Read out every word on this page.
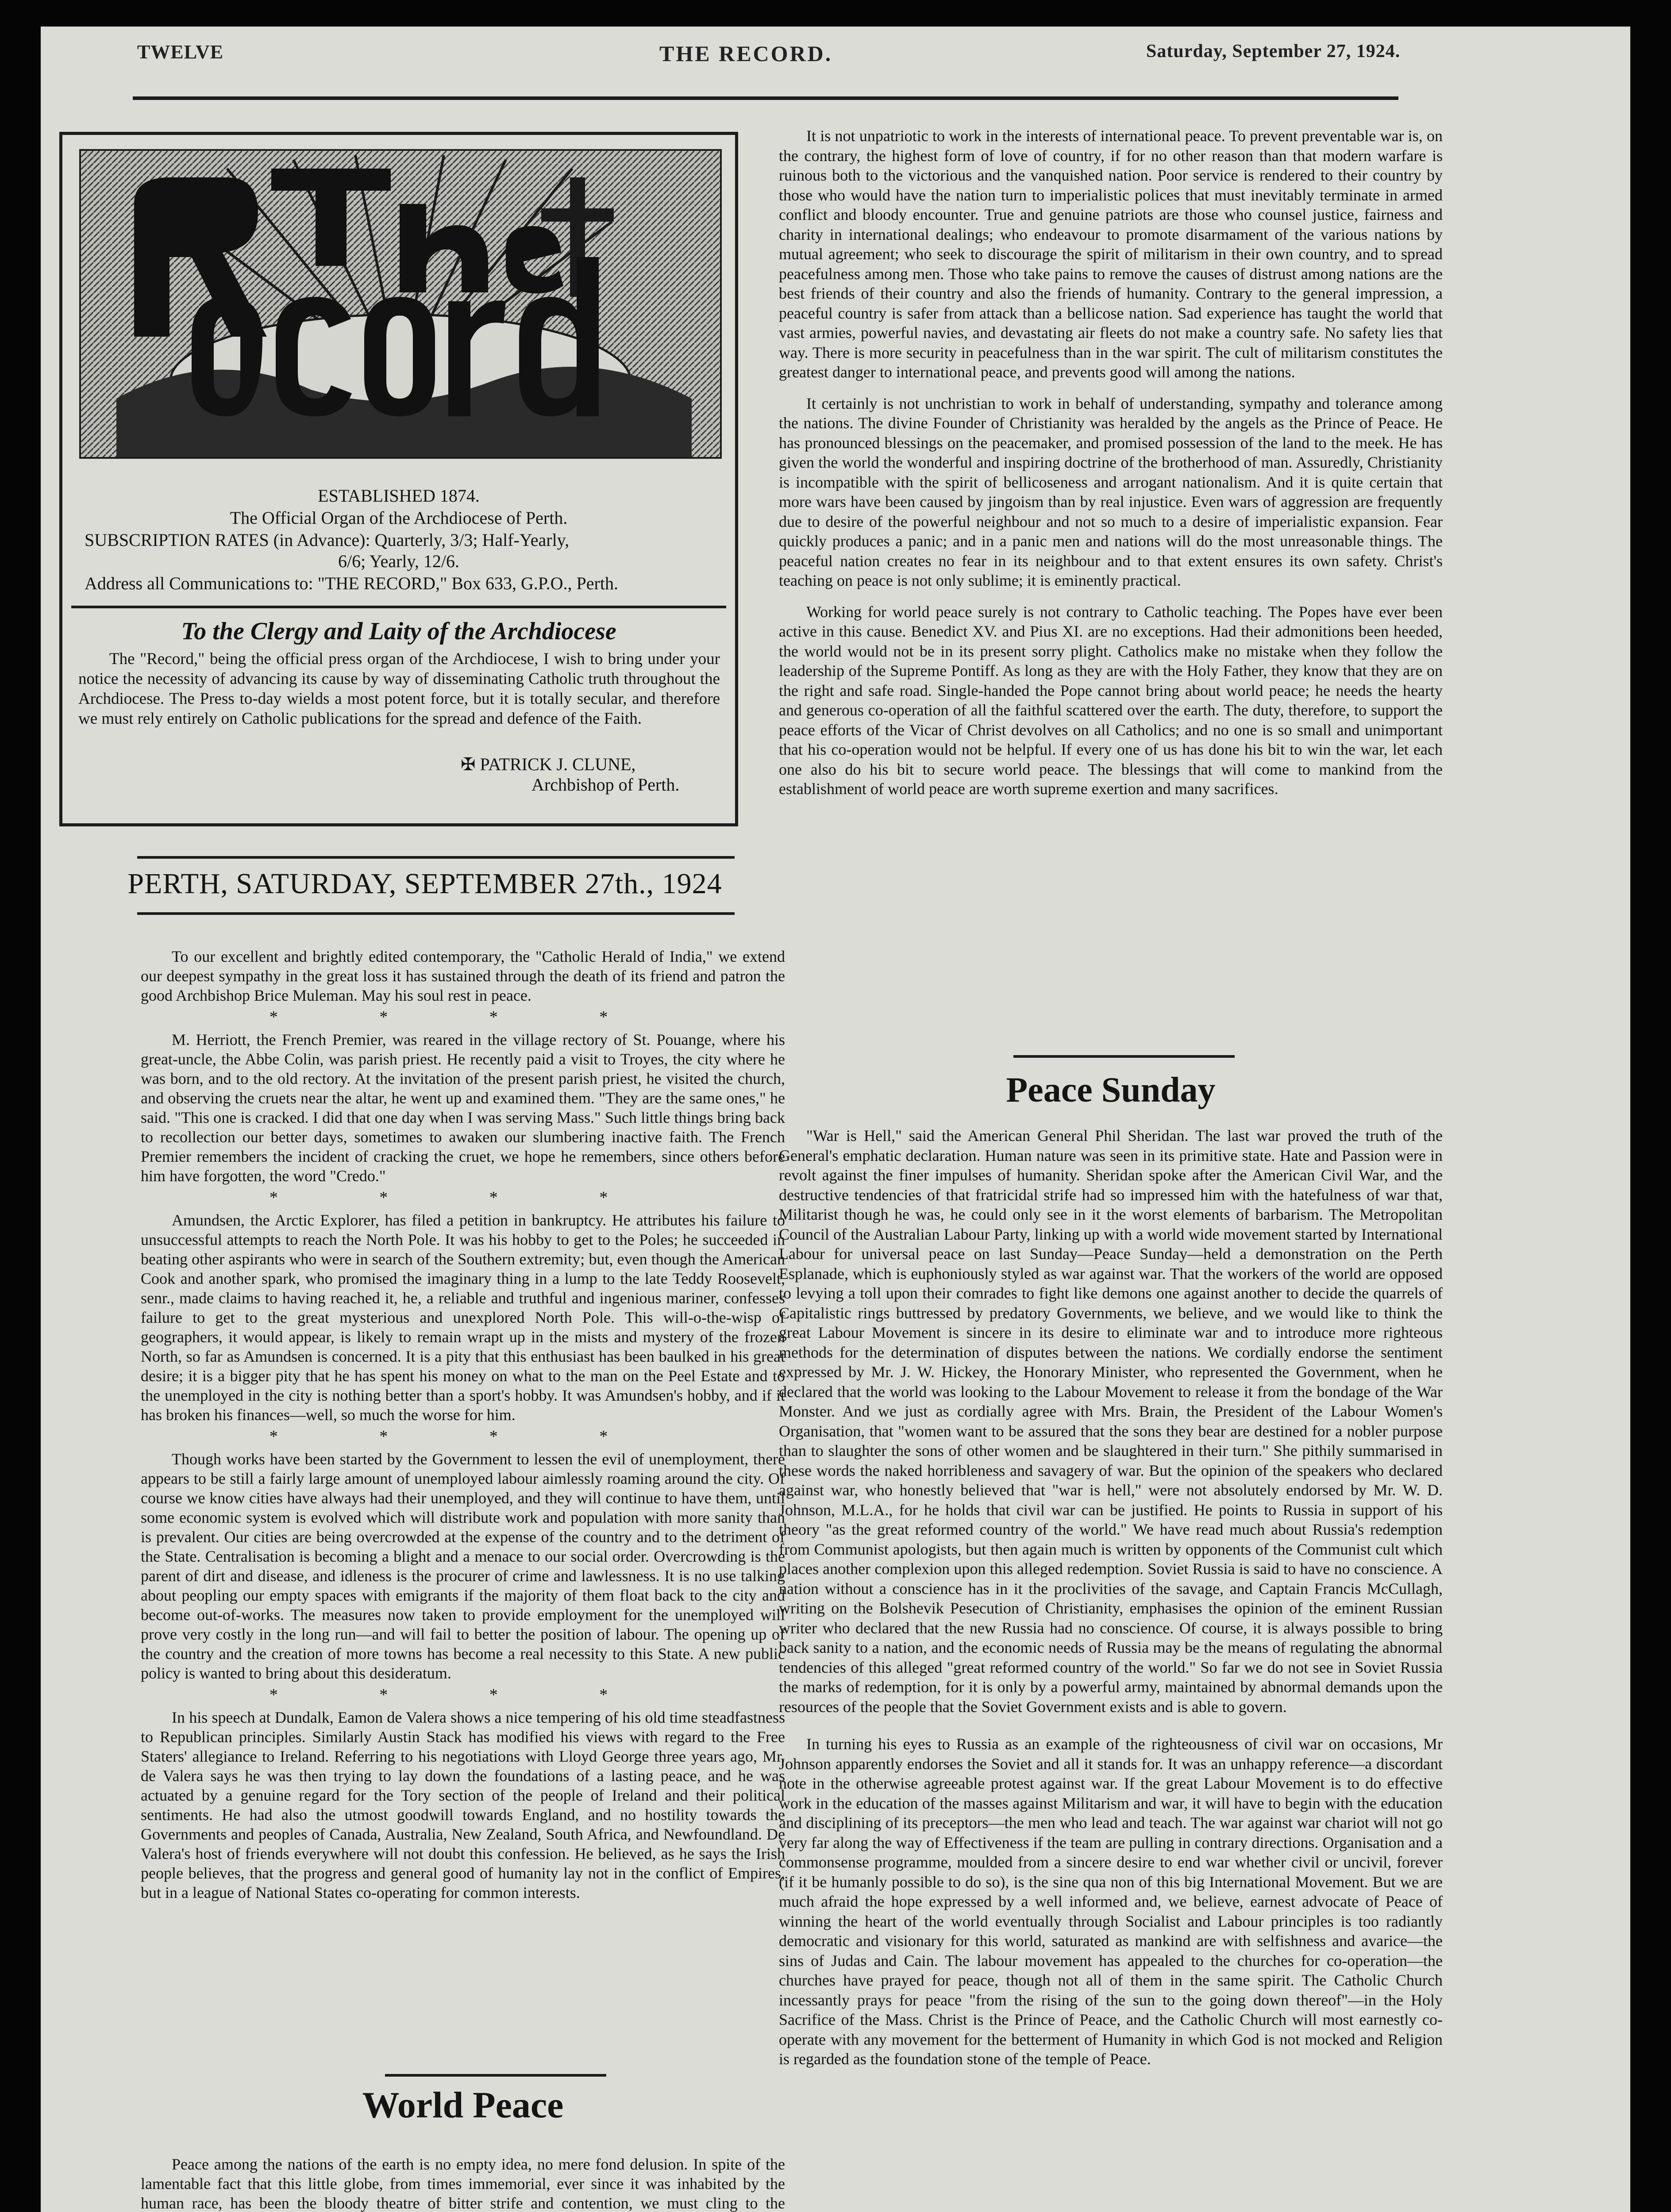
TWELVE	THE RECORD.	Saturday, September 27, 1924.
ESTABLISHED 1874.
The Official Organ of the Archdiocese of Perth.
SUBSCRIPTION RATES (in Advance): Quarterly, 3/3; Half-Yearly,
6/6; Yearly, 12/6.
Address all Communications to: "THE RECORD," Box 633, G.P.O., Perth.
To the Clergy and Laity of the Archdiocese

The "Record," being the official press organ of the Archdiocese, I wish to bring under your notice the necessity of advancing its cause by way of disseminating Catholic truth throughout the Archdiocese. The Press to-day wields a most potent force, but it is totally secular, and therefore we must rely entirely on Catholic publications for the spread and defence of the Faith.

✠ PATRICK J. CLUNE,
Archbishop of Perth.
PERTH, SATURDAY, SEPTEMBER 27th., 1924

To our excellent and brightly edited contemporary, the "Catholic Herald of India," we extend our deepest sympathy in the great loss it has sustained through the death of its friend and patron the good Archbishop Brice Muleman. May his soul rest in peace.

* * * *

M. Herriott, the French Premier, was reared in the village rectory of St. Pouange, where his great-uncle, the Abbe Colin, was parish priest. He recently paid a visit to Troyes, the city where he was born, and to the old rectory. At the invitation of the present parish priest, he visited the church, and observing the cruets near the altar, he went up and examined them. "They are the same ones," he said. "This one is cracked. I did that one day when I was serving Mass." Such little things bring back to recollection our better days, sometimes to awaken our slumbering inactive faith. The French Premier remembers the incident of cracking the cruet, we hope he remembers, since others before him have forgotten, the word "Credo."

* * * *

Amundsen, the Arctic Explorer, has filed a petition in bankruptcy. He attributes his failure to unsuccessful attempts to reach the North Pole. It was his hobby to get to the Poles; he succeeded in beating other aspirants who were in search of the Southern extremity; but, even though the American Cook and another spark, who promised the imaginary thing in a lump to the late Teddy Roosevelt, senr., made claims to having reached it, he, a reliable and truthful and ingenious mariner, confesses failure to get to the great mysterious and unexplored North Pole. This will-o-the-wisp of geographers, it would appear, is likely to remain wrapt up in the mists and mystery of the frozen North, so far as Amundsen is concerned. It is a pity that this enthusiast has been baulked in his great desire; it is a bigger pity that he has spent his money on what to the man on the Peel Estate and to the unemployed in the city is nothing better than a sport's hobby. It was Amundsen's hobby, and if it has broken his finances—well, so much the worse for him.

* * * *

Though works have been started by the Government to lessen the evil of unemployment, there appears to be still a fairly large amount of unemployed labour aimlessly roaming around the city. Of course we know cities have always had their unemployed, and they will continue to have them, until some economic system is evolved which will distribute work and population with more sanity than is prevalent. Our cities are being overcrowded at the expense of the country and to the detriment of the State. Centralisation is becoming a blight and a menace to our social order. Overcrowding is the parent of dirt and disease, and idleness is the procurer of crime and lawlessness. It is no use talking about peopling our empty spaces with emigrants if the majority of them float back to the city and become out-of-works. The measures now taken to provide employment for the unemployed will prove very costly in the long run—and will fail to better the position of labour. The opening up of the country and the creation of more towns has become a real necessity to this State. A new public policy is wanted to bring about this desideratum.

* * * *

In his speech at Dundalk, Eamon de Valera shows a nice tempering of his old time steadfastness to Republican principles. Similarly Austin Stack has modified his views with regard to the Free Staters' allegiance to Ireland. Referring to his negotiations with Lloyd George three years ago, Mr. de Valera says he was then trying to lay down the foundations of a lasting peace, and he was actuated by a genuine regard for the Tory section of the people of Ireland and their political sentiments. He had also the utmost goodwill towards England, and no hostility towards the Governments and peoples of Canada, Australia, New Zealand, South Africa, and Newfoundland. De Valera's host of friends everywhere will not doubt this confession. He believed, as he says the Irish people believes, that the progress and general good of humanity lay not in the conflict of Empires, but in a league of National States co-operating for common interests.

World Peace

Peace among the nations of the earth is no empty idea, no mere fond delusion. In spite of the lamentable fact that this little globe, from times immemorial, ever since it was inhabited by the human race, has been the bloody theatre of bitter strife and contention, we must cling to the

It is not unpatriotic to work in the interests of international peace. To prevent preventable war is, on the contrary, the highest form of love of country, if for no other reason than that modern warfare is ruinous both to the victorious and the vanquished nation. Poor service is rendered to their country by those who would have the nation turn to imperialistic polices that must inevitably terminate in armed conflict and bloody encounter. True and genuine patriots are those who counsel justice, fairness and charity in international dealings; who endeavour to promote disarmament of the various nations by mutual agreement; who seek to discourage the spirit of militarism in their own country, and to spread peacefulness among men. Those who take pains to remove the causes of distrust among nations are the best friends of their country and also the friends of humanity. Contrary to the general impression, a peaceful country is safer from attack than a bellicose nation. Sad experience has taught the world that vast armies, powerful navies, and devastating air fleets do not make a country safe. No safety lies that way. There is more security in peacefulness than in the war spirit. The cult of militarism constitutes the greatest danger to international peace, and prevents good will among the nations.

It certainly is not unchristian to work in behalf of understanding, sympathy and tolerance among the nations. The divine Founder of Christianity was heralded by the angels as the Prince of Peace. He has pronounced blessings on the peacemaker, and promised possession of the land to the meek. He has given the world the wonderful and inspiring doctrine of the brotherhood of man. Assuredly, Christianity is incompatible with the spirit of bellicoseness and arrogant nationalism. And it is quite certain that more wars have been caused by jingoism than by real injustice. Even wars of aggression are frequently due to desire of the powerful neighbour and not so much to a desire of imperialistic expansion. Fear quickly produces a panic; and in a panic men and nations will do the most unreasonable things. The peaceful nation creates no fear in its neighbour and to that extent ensures its own safety. Christ's teaching on peace is not only sublime; it is eminently practical.

Working for world peace surely is not contrary to Catholic teaching. The Popes have ever been active in this cause. Benedict XV. and Pius XI. are no exceptions. Had their admonitions been heeded, the world would not be in its present sorry plight. Catholics make no mistake when they follow the leadership of the Supreme Pontiff. As long as they are with the Holy Father, they know that they are on the right and safe road. Single-handed the Pope cannot bring about world peace; he needs the hearty and generous co-operation of all the faithful scattered over the earth. The duty, therefore, to support the peace efforts of the Vicar of Christ devolves on all Catholics; and no one is so small and unimportant that his co-operation would not be helpful. If every one of us has done his bit to win the war, let each one also do his bit to secure world peace. The blessings that will come to mankind from the establishment of world peace are worth supreme exertion and many sacrifices.

Peace Sunday

"War is Hell," said the American General Phil Sheridan. The last war proved the truth of the General's emphatic declaration. Human nature was seen in its primitive state. Hate and Passion were in revolt against the finer impulses of humanity. Sheridan spoke after the American Civil War, and the destructive tendencies of that fratricidal strife had so impressed him with the hatefulness of war that, Militarist though he was, he could only see in it the worst elements of barbarism. The Metropolitan Council of the Australian Labour Party, linking up with a world wide movement started by International Labour for universal peace on last Sunday—Peace Sunday—held a demonstration on the Perth Esplanade, which is euphoniously styled as war against war. That the workers of the world are opposed to levying a toll upon their comrades to fight like demons one against another to decide the quarrels of Capitalistic rings buttressed by predatory Governments, we believe, and we would like to think the great Labour Movement is sincere in its desire to eliminate war and to introduce more righteous methods for the determination of disputes between the nations. We cordially endorse the sentiment expressed by Mr. J. W. Hickey, the Honorary Minister, who represented the Government, when he declared that the world was looking to the Labour Movement to release it from the bondage of the War Monster. And we just as cordially agree with Mrs. Brain, the President of the Labour Women's Organisation, that "women want to be assured that the sons they bear are destined for a nobler purpose than to slaughter the sons of other women and be slaughtered in their turn." She pithily summarised in these words the naked horribleness and savagery of war. But the opinion of the speakers who declared against war, who honestly believed that "war is hell," were not absolutely endorsed by Mr. W. D. Johnson, M.L.A., for he holds that civil war can be justified. He points to Russia in support of his theory "as the great reformed country of the world." We have read much about Russia's redemption from Communist apologists, but then again much is written by opponents of the Communist cult which places another complexion upon this alleged redemption. Soviet Russia is said to have no conscience. A nation without a conscience has in it the proclivities of the savage, and Captain Francis McCullagh, writing on the Bolshevik Pesecution of Christianity, emphasises the opinion of the eminent Russian writer who declared that the new Russia had no conscience. Of course, it is always possible to bring back sanity to a nation, and the economic needs of Russia may be the means of regulating the abnormal tendencies of this alleged "great reformed country of the world." So far we do not see in Soviet Russia the marks of redemption, for it is only by a powerful army, maintained by abnormal demands upon the resources of the people that the Soviet Government exists and is able to govern.

In turning his eyes to Russia as an example of the righteousness of civil war on occasions, Mr Johnson apparently endorses the Soviet and all it stands for. It was an unhappy reference—a discordant note in the otherwise agreeable protest against war. If the great Labour Movement is to do effective work in the education of the masses against Militarism and war, it will have to begin with the education and disciplining of its preceptors—the men who lead and teach. The war against war chariot will not go very far along the way of Effectiveness if the team are pulling in contrary directions. Organisation and a commonsense programme, moulded from a sincere desire to end war whether civil or uncivil, forever (if it be humanly possible to do so), is the sine qua non of this big International Movement. But we are much afraid the hope expressed by a well informed and, we believe, earnest advocate of Peace of winning the heart of the world eventually through Socialist and Labour principles is too radiantly democratic and visionary for this world, saturated as mankind are with selfishness and avarice—the sins of Judas and Cain. The labour movement has appealed to the churches for co-operation—the churches have prayed for peace, though not all of them in the same spirit. The Catholic Church incessantly prays for peace "from the rising of the sun to the going down thereof"—in the Holy Sacrifice of the Mass. Christ is the Prince of Peace, and the Catholic Church will most earnestly co-operate with any movement for the betterment of Humanity in which God is not mocked and Religion is regarded as the foundation stone of the temple of Peace.
